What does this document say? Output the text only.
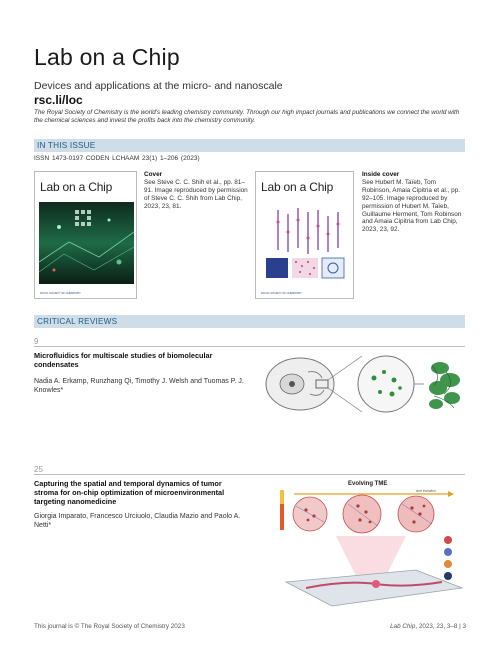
Lab on a Chip
Devices and applications at the micro- and nanoscale
rsc.li/loc
The Royal Society of Chemistry is the world's leading chemistry community. Through our high impact journals and publications we connect the world with the chemical sciences and invest the profits back into the chemistry community.
IN THIS ISSUE
ISSN 1473-0197 CODEN LCHAAM 23(1) 1–206 (2023)
Lab on a Chip
ROYAL SOCIETY OF CHEMISTRY
Cover
See Steve C. C. Shih et al., pp. 81–91. Image reproduced by permission of Steve C. C. Shih from Lab Chip, 2023, 23, 81.
Lab on a Chip
ROYAL SOCIETY OF CHEMISTRY
Inside cover
See Hubert M. Taïeb, Tom Robinson, Amaia Cipitria et al., pp. 92–105. Image reproduced by permission of Hubert M. Taïeb, Guillaume Herment, Tom Robinson and Amaia Cipitria from Lab Chip, 2023, 23, 92.
CRITICAL REVIEWS
9
Microfluidics for multiscale studies of biomolecular condensates
Nadia A. Erkamp, Runzhang Qi, Timothy J. Welsh and Tuomas P. J. Knowles*
25
Capturing the spatial and temporal dynamics of tumor stroma for on-chip optimization of microenvironmental targeting nanomedicine
Giorgia Imparato, Francesco Urciuolo, Claudia Mazio and Paolo A. Netti*
Evolving TME
time evolution
This journal is © The Royal Society of Chemistry 2023	Lab Chip, 2023, 23, 3–8 | 3
